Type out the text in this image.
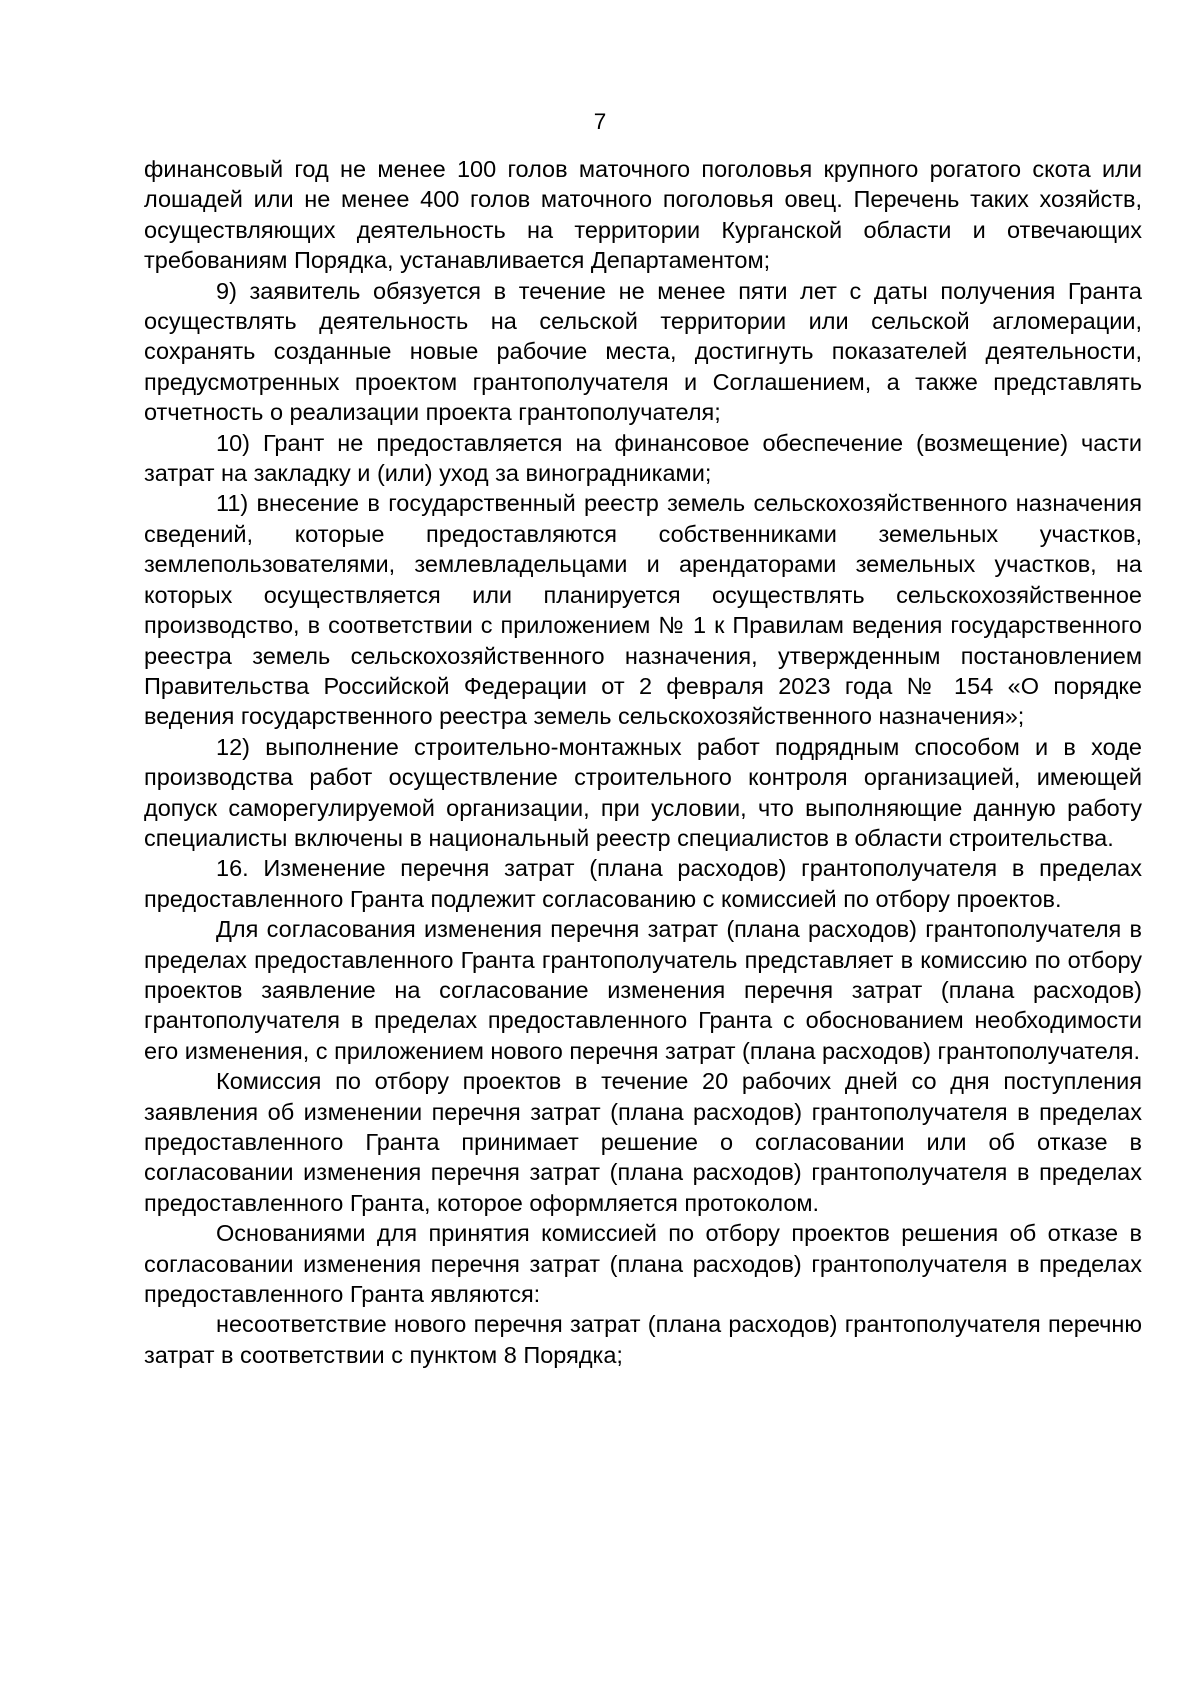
7

финансовый год не менее 100 голов маточного поголовья крупного рогатого скота или лошадей или не менее 400 голов маточного поголовья овец. Перечень таких хозяйств, осуществляющих деятельность на территории Курганской области и отвечающих требованиям Порядка, устанавливается Департаментом;

9) заявитель обязуется в течение не менее пяти лет с даты получения Гранта осуществлять деятельность на сельской территории или сельской агломерации, сохранять созданные новые рабочие места, достигнуть показателей деятельности, предусмотренных проектом грантополучателя и Соглашением, а также представлять отчетность о реализации проекта грантополучателя;

10) Грант не предоставляется на финансовое обеспечение (возмещение) части затрат на закладку и (или) уход за виноградниками;

11) внесение в государственный реестр земель сельскохозяйственного назначения сведений, которые предоставляются собственниками земельных участков, землепользователями, землевладельцами и арендаторами земельных участков, на которых осуществляется или планируется осуществлять сельскохозяйственное производство, в соответствии с приложением № 1 к Правилам ведения государственного реестра земель сельскохозяйственного назначения, утвержденным постановлением Правительства Российской Федерации от 2 февраля 2023 года № 154 «О порядке ведения государственного реестра земель сельскохозяйственного назначения»;

12) выполнение строительно-монтажных работ подрядным способом и в ходе производства работ осуществление строительного контроля организацией, имеющей допуск саморегулируемой организации, при условии, что выполняющие данную работу специалисты включены в национальный реестр специалистов в области строительства.

16. Изменение перечня затрат (плана расходов) грантополучателя в пределах предоставленного Гранта подлежит согласованию с комиссией по отбору проектов.

Для согласования изменения перечня затрат (плана расходов) грантополучателя в пределах предоставленного Гранта грантополучатель представляет в комиссию по отбору проектов заявление на согласование изменения перечня затрат (плана расходов) грантополучателя в пределах предоставленного Гранта с обоснованием необходимости его изменения, с приложением нового перечня затрат (плана расходов) грантополучателя.

Комиссия по отбору проектов в течение 20 рабочих дней со дня поступления заявления об изменении перечня затрат (плана расходов) грантополучателя в пределах предоставленного Гранта принимает решение о согласовании или об отказе в согласовании изменения перечня затрат (плана расходов) грантополучателя в пределах предоставленного Гранта, которое оформляется протоколом.

Основаниями для принятия комиссией по отбору проектов решения об отказе в согласовании изменения перечня затрат (плана расходов) грантополучателя в пределах предоставленного Гранта являются:

несоответствие нового перечня затрат (плана расходов) грантополучателя перечню затрат в соответствии с пунктом 8 Порядка;
